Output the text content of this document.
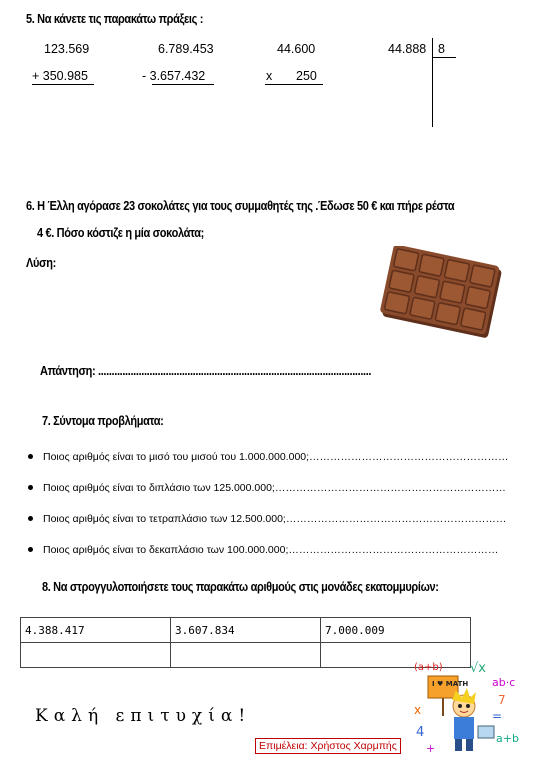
5. Να κάνετε τις παρακάτω πράξεις :
123.569
+ 350.985
6.789.453
- 3.657.432
44.600
x 250
44.888 8
6. Η Έλλη αγόρασε 23 σοκολάτες για τους συμμαθητές της .Έδωσε 50 € και πήρε ρέστα
4 €. Πόσο κόστιζε η μία σοκολάτα;
Λύση:
Απάντηση: .....................................................................................................
7. Σύντομα προβλήματα:
Ποιος αριθμός είναι το μισό του μισού του 1.000.000.000;…………………………………………………
Ποιος αριθμός είναι το διπλάσιο των 125.000.000;…………………………………………………………
Ποιος αριθμός είναι το τετραπλάσιο των 12.500.000;………………………………………………………
Ποιος αριθμός είναι το δεκαπλάσιο των 100.000.000;……………………………………………………
8. Να στρογγυλοποιήσετε τους παρακάτω αριθμούς στις μονάδες εκατομμυρίων:
4.388.417	3.607.834	7.000.009

Καλή επιτυχία!
Επιμέλεια: Χρήστος Χαρμπής
(a+b) √x
ab·c
7
=
a+b
x
4
+
I ♥ MATH
